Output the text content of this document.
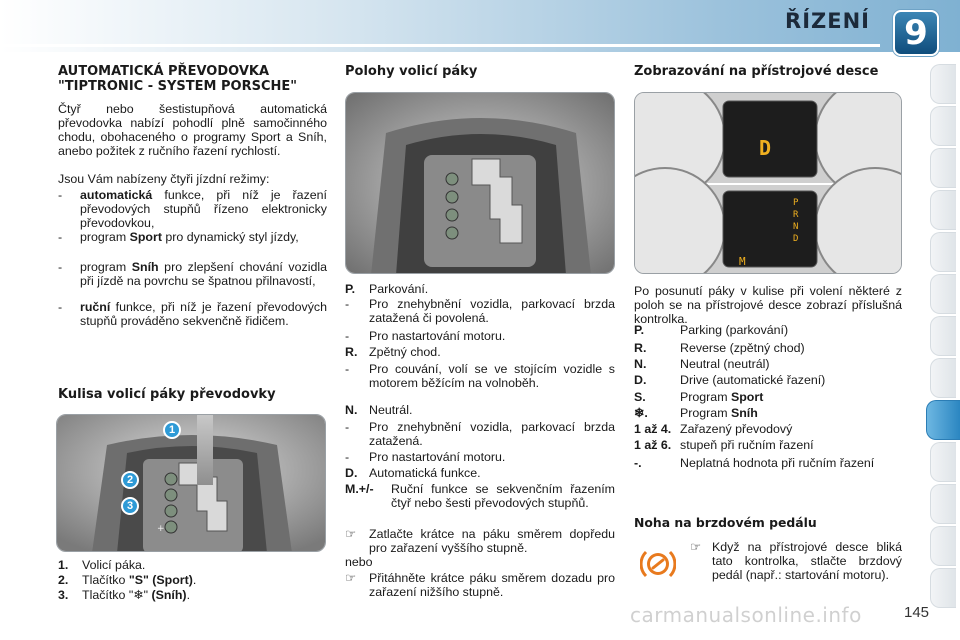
ŘÍZENÍ	9
AUTOMATICKÁ PŘEVODOVKA
"TIPTRONIC - SYSTEM PORSCHE"
Čtyř nebo šestistupňová automatická převodovka nabízí pohodlí plně samočinného chodu, obohaceného o programy Sport a Sníh, anebo požitek z ručního řazení rychlostí.
Jsou Vám nabízeny čtyři jízdní režimy:
-	automatická funkce, při níž je řazení převodových stupňů řízeno elektronicky převodovkou,
-	program Sport pro dynamický styl jízdy,
-	program Sníh pro zlepšení chování vozidla při jízdě na povrchu se špatnou přilnavostí,
-	ruční funkce, při níž je řazení převodových stupňů prováděno sekvenčně řidičem.
Kulisa volicí páky převodovky
+
1
2
3
1.	Volicí páka.
2.	Tlačítko "S" (Sport).
3.	Tlačítko "❄" (Sníh).
Polohy volicí páky
P.	Parkování.
-	Pro znehybnění vozidla, parkovací brzda zatažená či povolená.
-	Pro nastartování motoru.
R. Zpětný chod.
-	Pro couvání, volí se ve stojícím vozidle s motorem běžícím na volnoběh.
N. Neutrál.
-	Pro znehybnění vozidla, parkovací brzda zatažená.
-	Pro nastartování motoru.
D. Automatická funkce.
M.+/-	Ruční funkce se sekvenčním řazením čtyř nebo šesti převodových stupňů.
☞	Zatlačte krátce na páku směrem dopředu pro zařazení vyššího stupně.
nebo
☞	Přitáhněte krátce páku směrem dozadu pro zařazení nižšího stupně.
Zobrazování na přístrojové desce
D
M
P
R
N
D
Po posunutí páky v kulise při volení některé z poloh se na přístrojové desce zobrazí příslušná kontrolka.
P.	Parking (parkování)
R.	Reverse (zpětný chod)
N.	Neutral (neutrál)
D.	Drive (automatické řazení)
S.	Program Sport
❄.	Program Sníh
1 až 4. Zařazený převodový
1 až 6. stupeň při ručním řazení
-.	Neplatná hodnota při ručním řazení
Noha na brzdovém pedálu
☞ Když na přístrojové desce bliká tato kontrolka, stlačte brzdový pedál (např.: startování motoru).
carmanualsonline.info	145
